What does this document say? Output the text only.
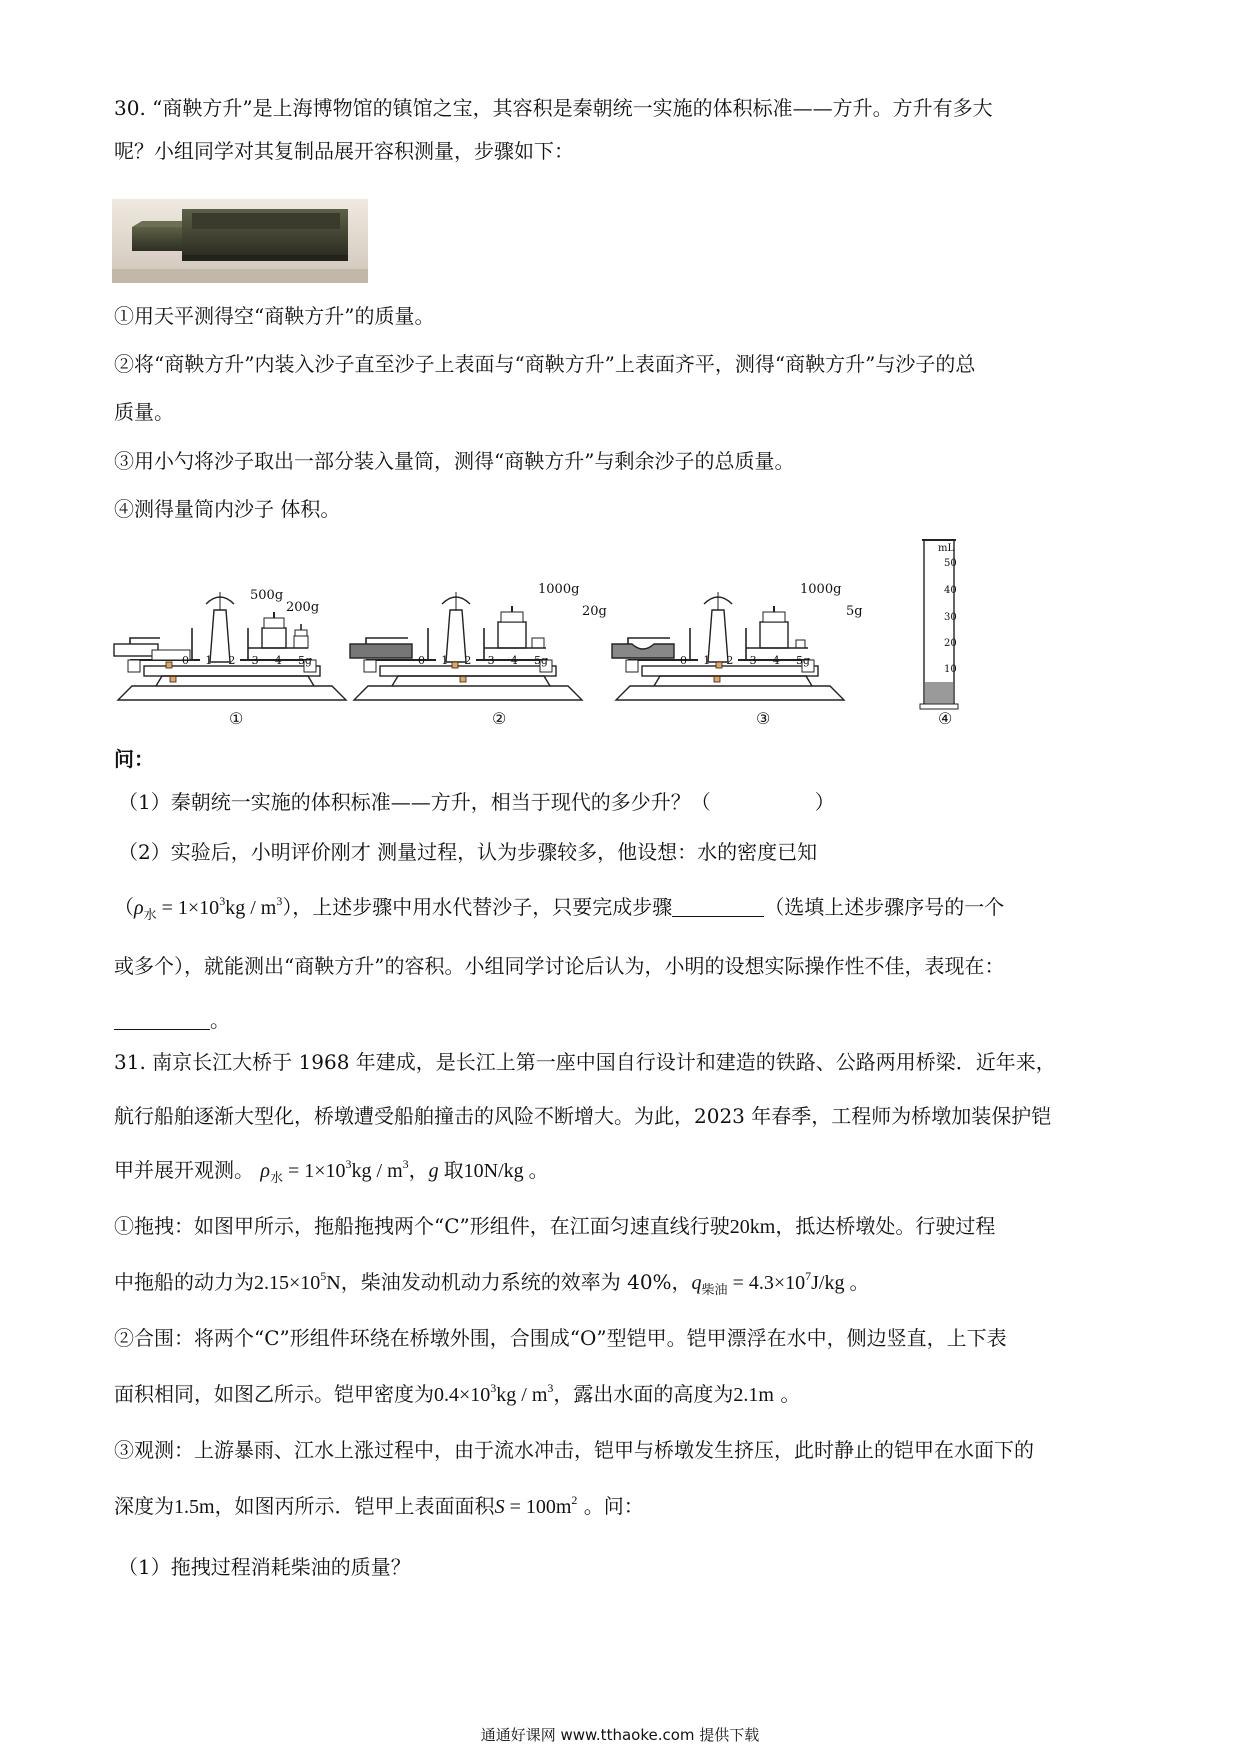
30. “商鞅方升”是上海博物馆的镇馆之宝，其容积是秦朝统一实施的体积标准——方升。方升有多大
呢？小组同学对其复制品展开容积测量，步骤如下：
①用天平测得空“商鞅方升”的质量。
②将“商鞅方升”内装入沙子直至沙子上表面与“商鞅方升”上表面齐平，测得“商鞅方升”与沙子的总
质量。
③用小勺将沙子取出一部分装入量筒，测得“商鞅方升”与剩余沙子的总质量。
④测得量筒内沙子 体积。
500g
200g
1000g
20g
1000g
5g
0 1 2 3 4 5g	0 1 2 3 4 5g	0 1 2 3 4 5g
mL
50
40
30
20
10
①	②	③	④
问：
（1）秦朝统一实施的体积标准——方升，相当于现代的多少升？（	）
（2）实验后，小明评价刚才 测量过程，认为步骤较多，他设想：水的密度已知
$(\rho_水 = 1\times 10^3kg / m^3)$，上述步骤中用水代替沙子，只要完成步骤	（选填上述步骤序号的一个
或多个），就能测出“商鞅方升”的容积。小组同学讨论后认为，小明的设想实际操作性不佳，表现在：
。
31. 南京长江大桥于 1968 年建成，是长江上第一座中国自行设计和建造的铁路、公路两用桥梁．近年来，
航行船舶逐渐大型化，桥墩遭受船舶撞击的风险不断增大。为此，2023 年春季，工程师为桥墩加装保护铠
甲并展开观测。 $\rho_水 = 1\times 10^3kg / m^3$，g 取10N/kg 。
①拖拽：如图甲所示，拖船拖拽两个“C”形组件，在江面匀速直线行驶20km，抵达桥墩处。行驶过程
中拖船的动力为$2.15\times 10^5N$，柴油发动机动力系统的效率为 40%，$q_{柴油} = 4.3\times 10^7J/kg$ 。
②合围：将两个“C”形组件环绕在桥墩外围，合围成“O”型铠甲。铠甲漂浮在水中，侧边竖直，上下表
面积相同，如图乙所示。铠甲密度为$0.4\times 10^3kg / m^3$，露出水面的高度为2.1m 。
③观测：上游暴雨、江水上涨过程中，由于流水冲击，铠甲与桥墩发生挤压，此时静止的铠甲在水面下的
深度为1.5m，如图丙所示．铠甲上表面面积$S = 100m^2$ 。问：
（1）拖拽过程消耗柴油的质量？
通通好课网 www.tthaoke.com 提供下载
